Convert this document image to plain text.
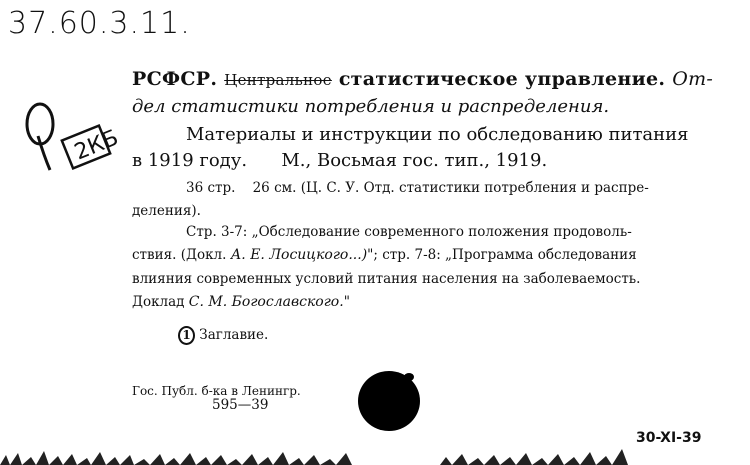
37.60.3.11.
2КБ
РСФСР. Центральное статистическое управление. От-
дел статистики потребления и распределения.
Материалы и инструкции по обследованию питания
в 1919 году.      М., Восьмая гос. тип., 1919.
36 стр.    26 см. (Ц. С. У. Отд. статистики потребления и распре-
деления).
Стр. 3-7: „Обследование современного положения продоволь-
ствия. (Докл. А. Е. Лосицкого...)"; стр. 7-8: „Программа обследования
влияния современных условий питания населения на заболеваемость.
Доклад С. М. Богославского."
1 Заглавие.
Гос. Публ. б-ка в Ленингр.
595—39
30-XI-39
